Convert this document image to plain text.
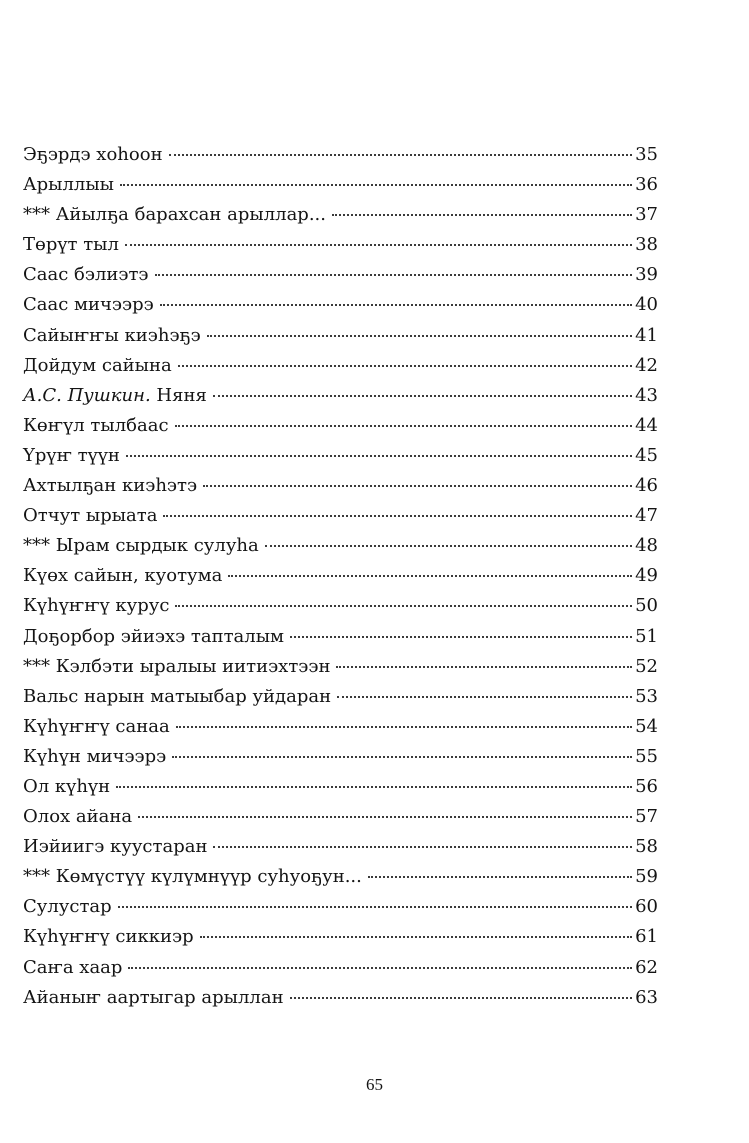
Эҕэрдэ хоһоон	35
Арыллыы	36
*** Айылҕа барахсан арыллар...	37
Төрүт тыл	38
Саас бэлиэтэ	39
Саас мичээрэ	40
Сайыҥҥы киэһэҕэ	41
Дойдум сайына	42
А.С. Пушкин. Няня	43
Көҥүл тылбаас	44
Үрүҥ түүн	45
Ахтылҕан киэһэтэ	46
Отчут ырыата	47
*** Ырам сырдык сулуһа	48
Күөх сайын, куотума	49
Күһүҥҥү курус	50
Доҕорбор эйиэхэ тапталым	51
*** Кэлбэти ыралыы иитиэхтээн	52
Вальс нарын матыыбар уйдаран	53
Күһүҥҥү санаа	54
Күһүн мичээрэ	55
Ол күһүн	56
Олох айана	57
Иэйиигэ куустаран	58
*** Көмүстүү күлүмнүүр суһуоҕун...	59
Сулустар	60
Күһүҥҥү сиккиэр	61
Саҥа хаар	62
Айаныҥ аартыгар арыллан	63
65
